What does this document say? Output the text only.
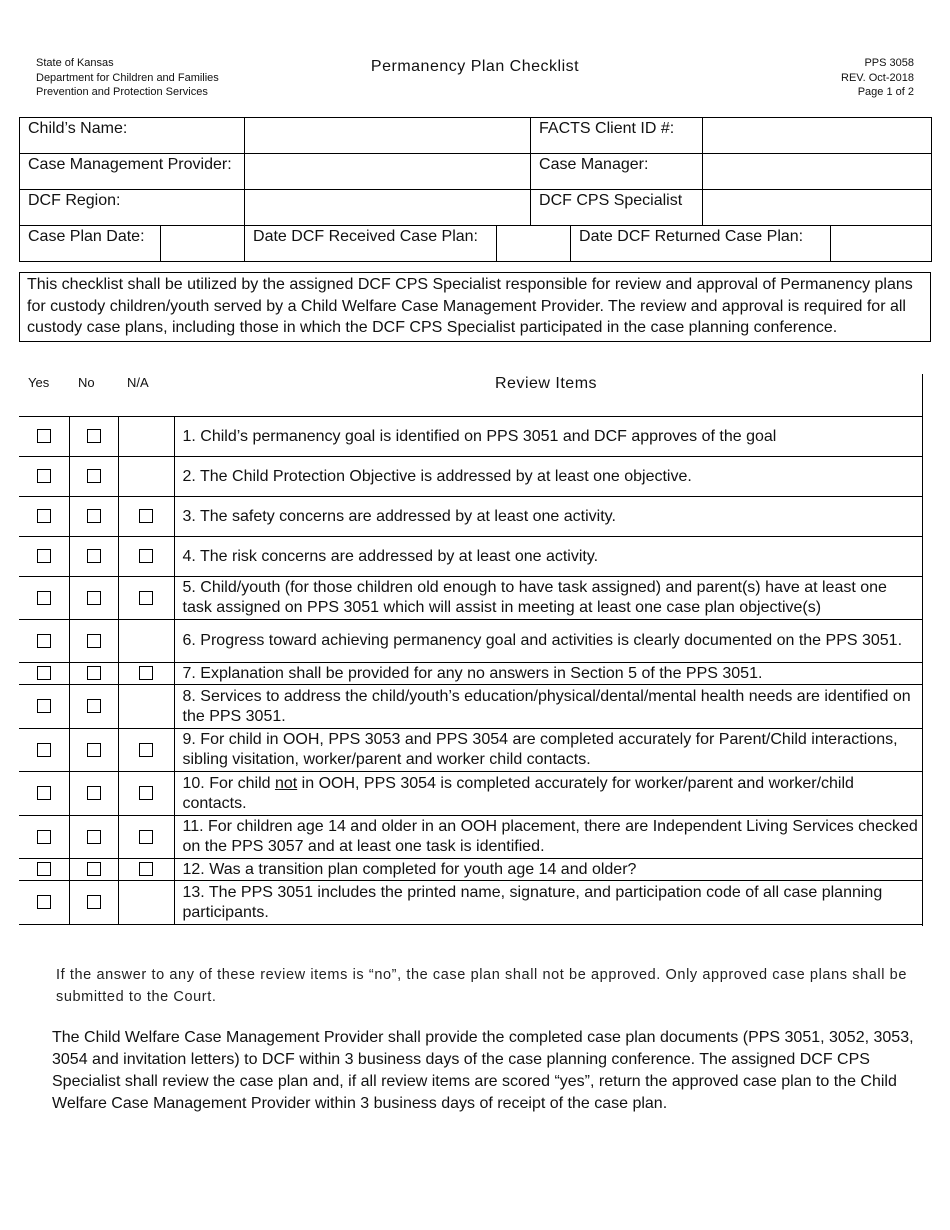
State of Kansas
Department for Children and Families
Prevention and Protection Services
Permanency Plan Checklist	PPS 3058
REV. Oct-2018
Page 1 of 2
Child’s Name:				FACTS Client ID #:			
Case Management Provider:				Case Manager:			
DCF Region:				DCF CPS Specialist			
Case Plan Date:		Date DCF Received Case Plan:			Date DCF Returned Case Plan:		
This checklist shall be utilized by the assigned DCF CPS Specialist responsible for review and approval of Permanency plans for custody children/youth served by a Child Welfare Case Management Provider. The review and approval is required for all custody case plans, including those in which the DCF CPS Specialist participated in the case planning conference.
Yes No N/A	Review Items
			1. Child’s permanency goal is identified on PPS 3051 and DCF approves of the goal
			2. The Child Protection Objective is addressed by at least one objective.
			3. The safety concerns are addressed by at least one activity.
			4. The risk concerns are addressed by at least one activity.
			5. Child/youth (for those children old enough to have task assigned) and parent(s) have at least one task assigned on PPS 3051 which will assist in meeting at least one case plan objective(s)
			6. Progress toward achieving permanency goal and activities is clearly documented on the PPS 3051.
			7. Explanation shall be provided for any no answers in Section 5 of the PPS 3051.
			8. Services to address the child/youth’s education/physical/dental/mental health needs are identified on the PPS 3051.
			9. For child in OOH, PPS 3053 and PPS 3054 are completed accurately for Parent/Child interactions, sibling visitation, worker/parent and worker child contacts.
			10. For child not in OOH, PPS 3054 is completed accurately for worker/parent and worker/child contacts.
			11. For children age 14 and older in an OOH placement, there are Independent Living Services checked on the PPS 3057 and at least one task is identified.
			12. Was a transition plan completed for youth age 14 and older?
			13. The PPS 3051 includes the printed name, signature, and participation code of all case planning participants.
If the answer to any of these review items is “no”, the case plan shall not be approved. Only approved case plans shall be submitted to the Court.
The Child Welfare Case Management Provider shall provide the completed case plan documents (PPS 3051, 3052, 3053, 3054 and invitation letters) to DCF within 3 business days of the case planning conference. The assigned DCF CPS Specialist shall review the case plan and, if all review items are scored “yes”, return the approved case plan to the Child Welfare Case Management Provider within 3 business days of receipt of the case plan.
